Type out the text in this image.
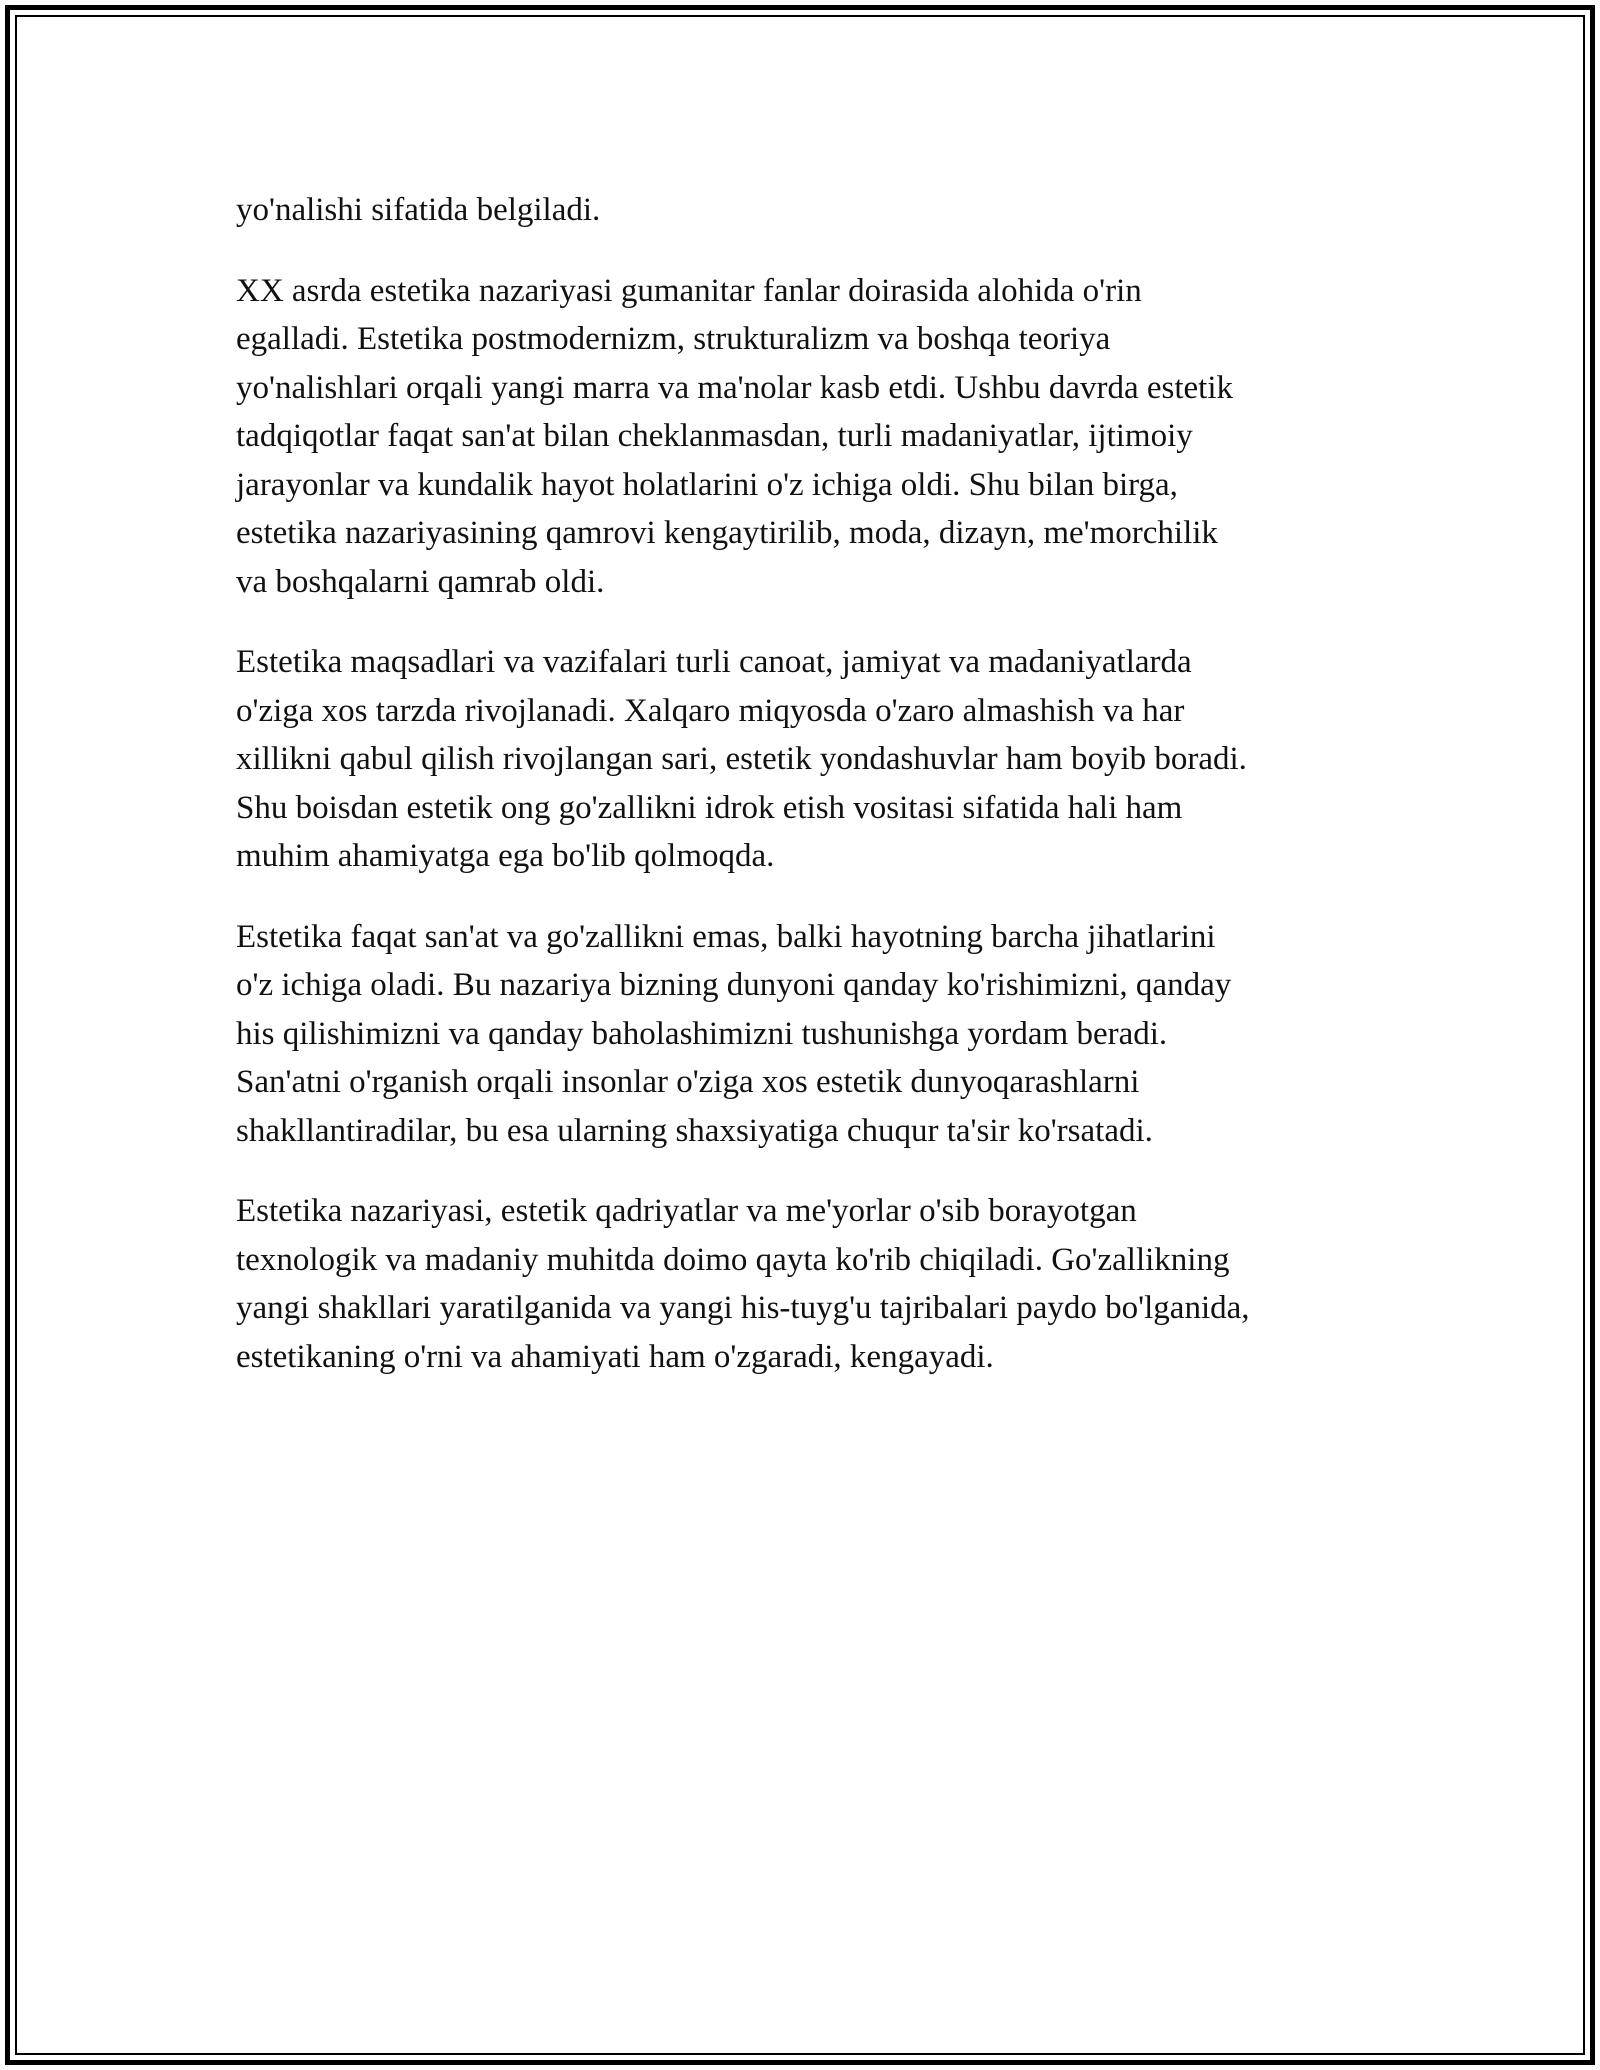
yo'nalishi sifatida belgiladi.

XX asrda estetika nazariyasi gumanitar fanlar doirasida alohida o'rin
egalladi. Estetika postmodernizm, strukturalizm va boshqa teoriya
yo'nalishlari orqali yangi marra va ma'nolar kasb etdi. Ushbu davrda estetik
tadqiqotlar faqat san'at bilan cheklanmasdan, turli madaniyatlar, ijtimoiy
jarayonlar va kundalik hayot holatlarini o'z ichiga oldi. Shu bilan birga,
estetika nazariyasining qamrovi kengaytirilib, moda, dizayn, me'morchilik
va boshqalarni qamrab oldi.

Estetika maqsadlari va vazifalari turli canoat, jamiyat va madaniyatlarda
o'ziga xos tarzda rivojlanadi. Xalqaro miqyosda o'zaro almashish va har
xillikni qabul qilish rivojlangan sari, estetik yondashuvlar ham boyib boradi.
Shu boisdan estetik ong go'zallikni idrok etish vositasi sifatida hali ham
muhim ahamiyatga ega bo'lib qolmoqda.

Estetika faqat san'at va go'zallikni emas, balki hayotning barcha jihatlarini
o'z ichiga oladi. Bu nazariya bizning dunyoni qanday ko'rishimizni, qanday
his qilishimizni va qanday baholashimizni tushunishga yordam beradi.
San'atni o'rganish orqali insonlar o'ziga xos estetik dunyoqarashlarni
shakllantiradilar, bu esa ularning shaxsiyatiga chuqur ta'sir ko'rsatadi.

Estetika nazariyasi, estetik qadriyatlar va me'yorlar o'sib borayotgan
texnologik va madaniy muhitda doimo qayta ko'rib chiqiladi. Go'zallikning
yangi shakllari yaratilganida va yangi his-tuyg'u tajribalari paydo bo'lganida,
estetikaning o'rni va ahamiyati ham o'zgaradi, kengayadi.
